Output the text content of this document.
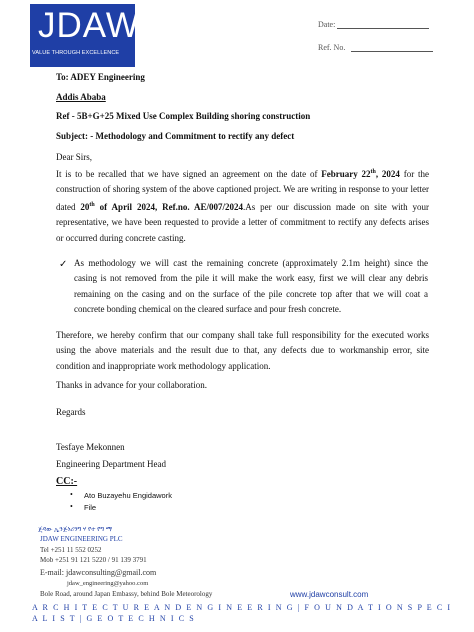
JDAW
VALUE THROUGH EXCELLENCE
Date:
Ref. No.
To: ADEY Engineering
Addis Ababa
Ref - 5B+G+25 Mixed Use Complex Building shoring construction
Subject: - Methodology and Commitment to rectify any defect
Dear Sirs,
It is to be recalled that we have signed an agreement on the date of February 22th, 2024 for the construction of shoring system of the above captioned project. We are writing in response to your letter dated 20th of April 2024, Ref.no. AE/007/2024.As per our discussion made on site with your representative, we have been requested to provide a letter of commitment to rectify any defects arises or occurred during concrete casting.
✓ As methodology we will cast the remaining concrete (approximately 2.1m height) since the casing is not removed from the pile it will make the work easy, first we will clear any debris remaining on the casing and on the surface of the pile concrete top after that we will coat a concrete bonding chemical on the cleared surface and pour fresh concrete.
Therefore, we hereby confirm that our company shall take full responsibility for the executed works using the above materials and the result due to that, any defects due to workmanship error, site condition and inappropriate work methodology application.
Thanks in advance for your collaboration.
Regards
Tesfaye Mekonnen
Engineering Department Head
CC:-
• Ato Buzayehu Engidawork
• File
ጄዳው ኢንጅነሪንግ ሃ የተ የግ ማ
JDAW ENGINEERING PLC
Tel +251 11 552 0252
Mob +251 91 121 5220 / 91 139 3791
E-mail: jdawconsulting@gmail.com
jdaw_engineering@yahoo.com
Bole Road, around Japan Embassy, behind Bole Meteorology	www.jdawconsult.com
A R C H I T E C T U R E A N D E N G I N E E R I N G | F O U N D A T I O N S P E C I A L I S T | G E O T E C H N I C S
